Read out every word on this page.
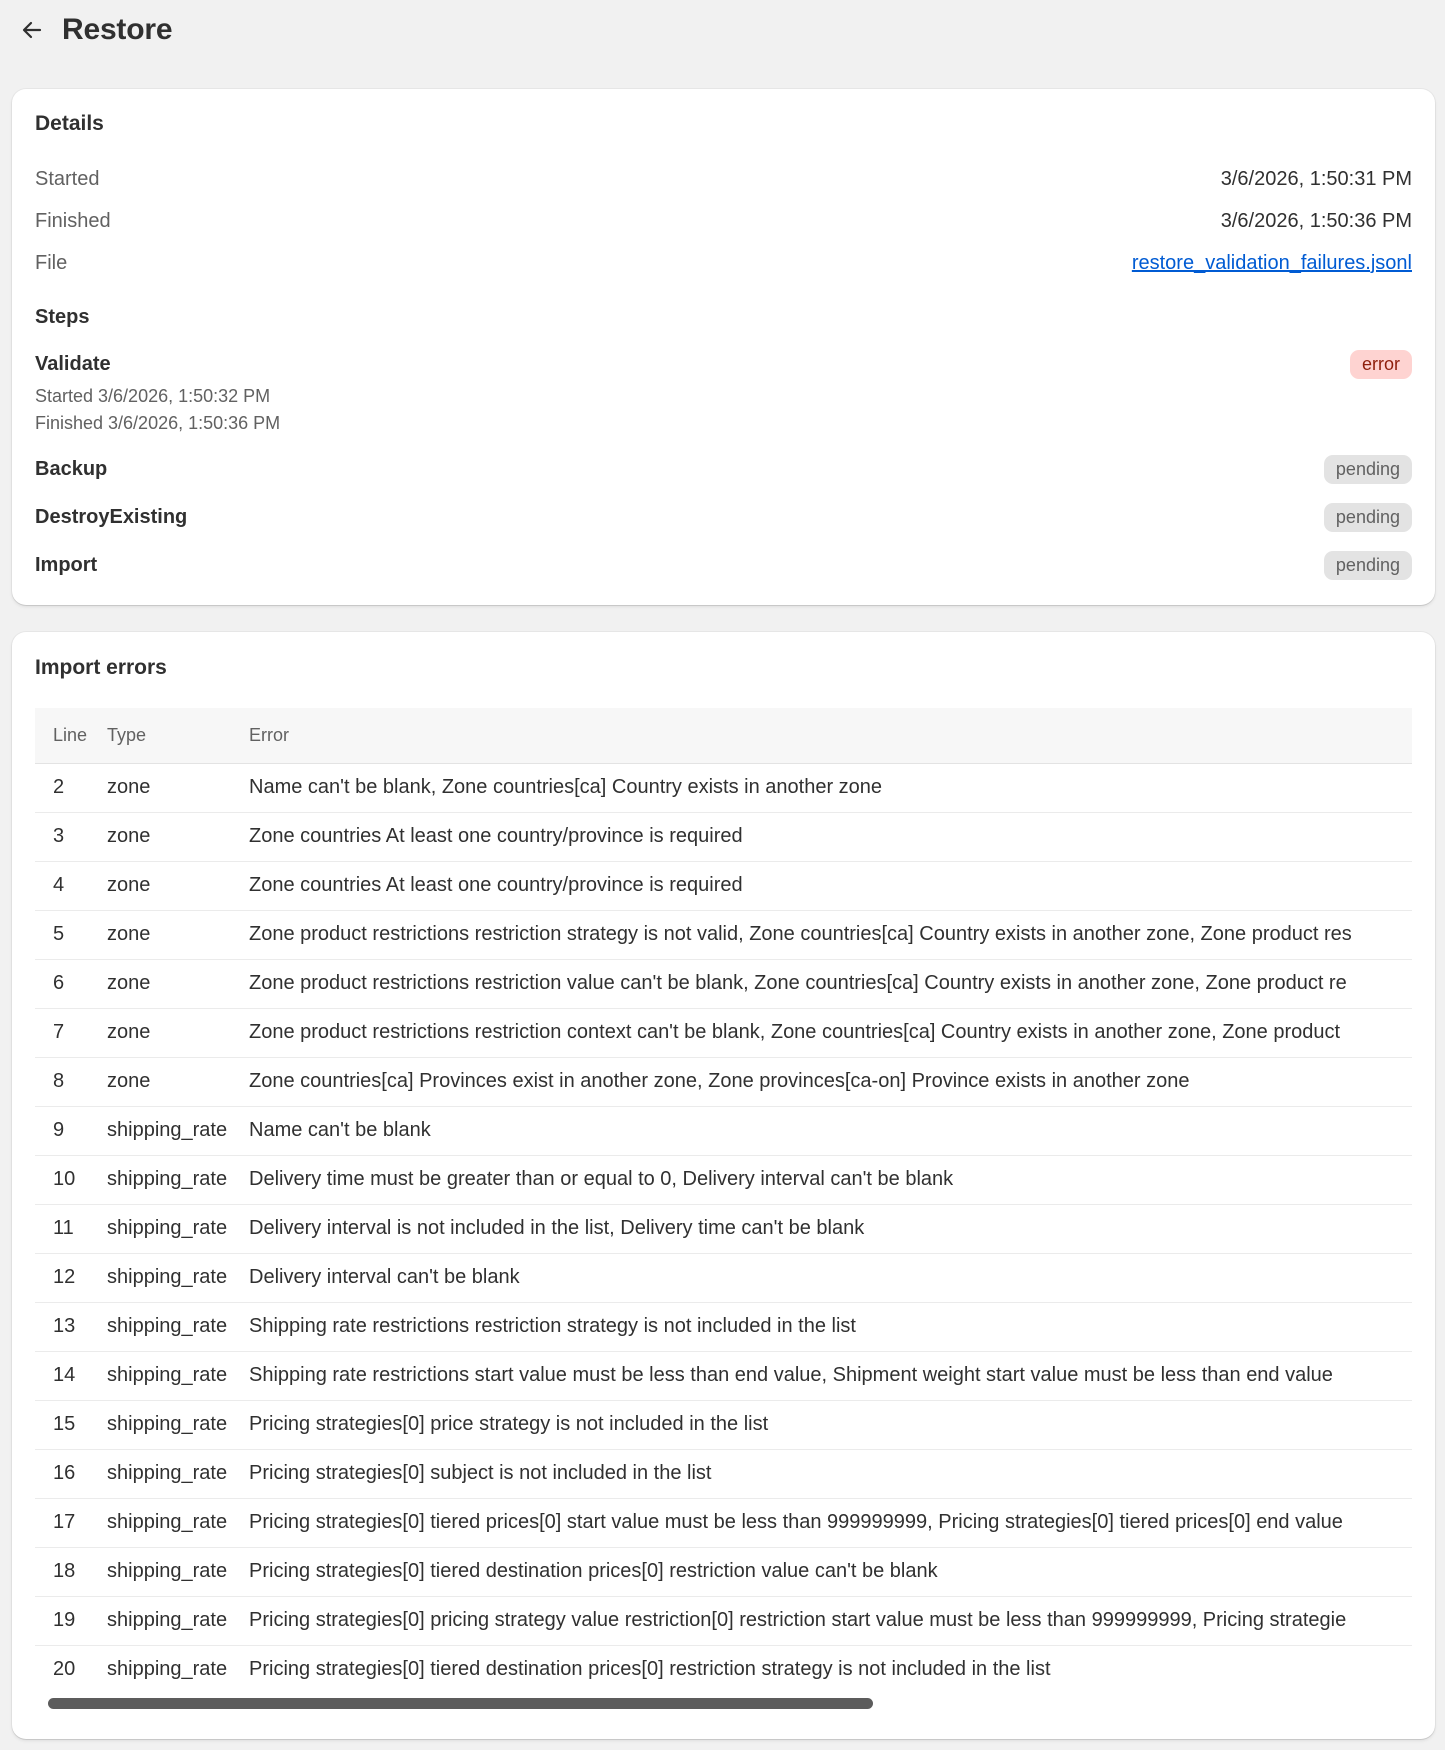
Restore
Details
Started	3/6/2026, 1:50:31 PM
Finished	3/6/2026, 1:50:36 PM
File	restore_validation_failures.jsonl
Steps
Validate	error
Started 3/6/2026, 1:50:32 PM
Finished 3/6/2026, 1:50:36 PM
Backup	pending
DestroyExisting	pending
Import	pending
Import errors
Line	Type	Error
2	zone	Name can't be blank, Zone countries[ca] Country exists in another zone
3	zone	Zone countries At least one country/province is required
4	zone	Zone countries At least one country/province is required
5	zone	Zone product restrictions restriction strategy is not valid, Zone countries[ca] Country exists in another zone, Zone product res
6	zone	Zone product restrictions restriction value can't be blank, Zone countries[ca] Country exists in another zone, Zone product re
7	zone	Zone product restrictions restriction context can't be blank, Zone countries[ca] Country exists in another zone, Zone product
8	zone	Zone countries[ca] Provinces exist in another zone, Zone provinces[ca-on] Province exists in another zone
9	shipping_rate	Name can't be blank
10	shipping_rate	Delivery time must be greater than or equal to 0, Delivery interval can't be blank
11	shipping_rate	Delivery interval is not included in the list, Delivery time can't be blank
12	shipping_rate	Delivery interval can't be blank
13	shipping_rate	Shipping rate restrictions restriction strategy is not included in the list
14	shipping_rate	Shipping rate restrictions start value must be less than end value, Shipment weight start value must be less than end value
15	shipping_rate	Pricing strategies[0] price strategy is not included in the list
16	shipping_rate	Pricing strategies[0] subject is not included in the list
17	shipping_rate	Pricing strategies[0] tiered prices[0] start value must be less than 999999999, Pricing strategies[0] tiered prices[0] end value
18	shipping_rate	Pricing strategies[0] tiered destination prices[0] restriction value can't be blank
19	shipping_rate	Pricing strategies[0] pricing strategy value restriction[0] restriction start value must be less than 999999999, Pricing strategie
20	shipping_rate	Pricing strategies[0] tiered destination prices[0] restriction strategy is not included in the list
